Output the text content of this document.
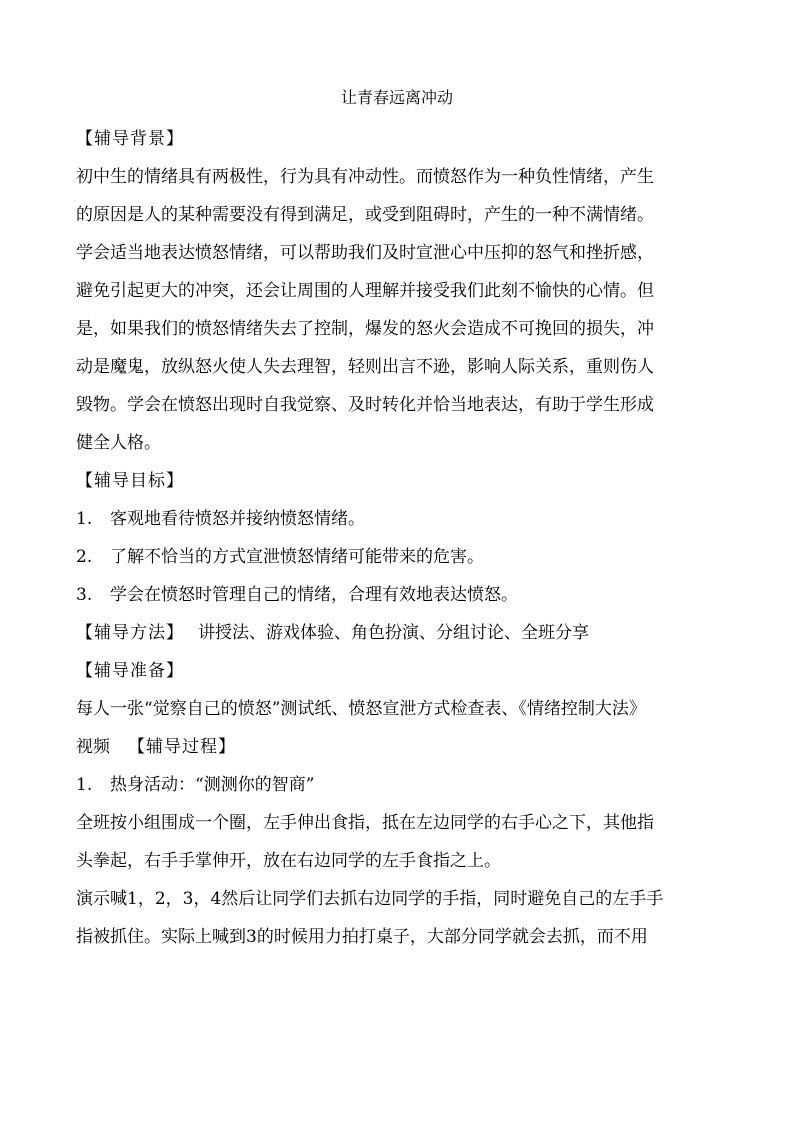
让青春远离冲动
【辅导背景】
初中生的情绪具有两极性，行为具有冲动性。而愤怒作为一种负性情绪，产生
的原因是人的某种需要没有得到满足，或受到阻碍时，产生的一种不满情绪。
学会适当地表达愤怒情绪，可以帮助我们及时宣泄心中压抑的怒气和挫折感，
避免引起更大的冲突，还会让周围的人理解并接受我们此刻不愉快的心情。但
是，如果我们的愤怒情绪失去了控制，爆发的怒火会造成不可挽回的损失，冲
动是魔鬼，放纵怒火使人失去理智，轻则出言不逊，影响人际关系，重则伤人
毁物。学会在愤怒出现时自我觉察、及时转化并恰当地表达，有助于学生形成
健全人格。
【辅导目标】
1. 客观地看待愤怒并接纳愤怒情绪。
2. 了解不恰当的方式宣泄愤怒情绪可能带来的危害。
3. 学会在愤怒时管理自己的情绪，合理有效地表达愤怒。
【辅导方法】 讲授法、游戏体验、角色扮演、分组讨论、全班分享
【辅导准备】
每人一张“觉察自己的愤怒”测试纸、愤怒宣泄方式检查表、《情绪控制大法》
视频 【辅导过程】
1. 热身活动：“测测你的智商”
全班按小组围成一个圈，左手伸出食指，抵在左边同学的右手心之下，其他指
头拳起，右手手掌伸开，放在右边同学的左手食指之上。
演示喊1，2，3，4然后让同学们去抓右边同学的手指，同时避免自己的左手手
指被抓住。实际上喊到3的时候用力拍打桌子，大部分同学就会去抓，而不用
